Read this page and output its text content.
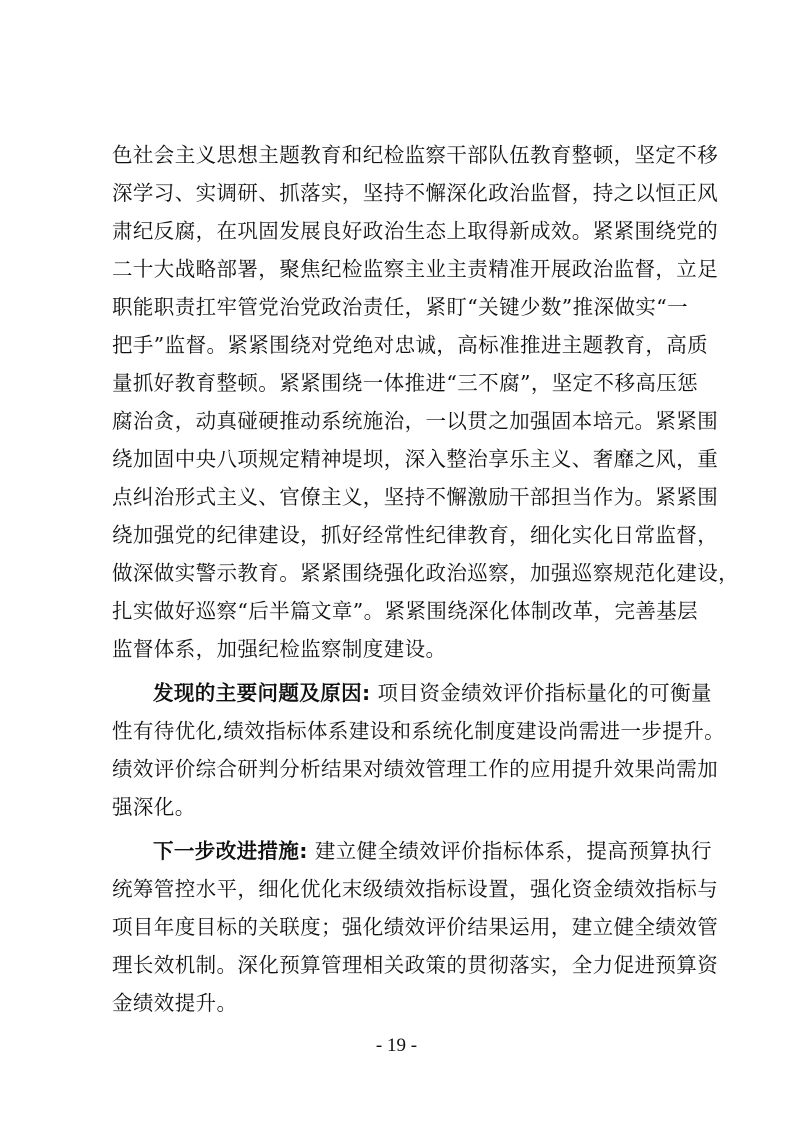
色社会主义思想主题教育和纪检监察干部队伍教育整顿，坚定不移
深学习、实调研、抓落实，坚持不懈深化政治监督，持之以恒正风
肃纪反腐，在巩固发展良好政治生态上取得新成效。紧紧围绕党的
二十大战略部署，聚焦纪检监察主业主责精准开展政治监督，立足
职能职责扛牢管党治党政治责任，紧盯“关键少数”推深做实“一
把手”监督。紧紧围绕对党绝对忠诚，高标准推进主题教育，高质
量抓好教育整顿。紧紧围绕一体推进“三不腐”，坚定不移高压惩
腐治贪，动真碰硬推动系统施治，一以贯之加强固本培元。紧紧围
绕加固中央八项规定精神堤坝，深入整治享乐主义、奢靡之风，重
点纠治形式主义、官僚主义，坚持不懈激励干部担当作为。紧紧围
绕加强党的纪律建设，抓好经常性纪律教育，细化实化日常监督，
做深做实警示教育。紧紧围绕强化政治巡察，加强巡察规范化建设，
扎实做好巡察“后半篇文章”。紧紧围绕深化体制改革，完善基层
监督体系，加强纪检监察制度建设。
发现的主要问题及原因: 项目资金绩效评价指标量化的可衡量
性有待优化,绩效指标体系建设和系统化制度建设尚需进一步提升。
绩效评价综合研判分析结果对绩效管理工作的应用提升效果尚需加
强深化。
下一步改进措施: 建立健全绩效评价指标体系，提高预算执行
统筹管控水平，细化优化末级绩效指标设置，强化资金绩效指标与
项目年度目标的关联度；强化绩效评价结果运用，建立健全绩效管
理长效机制。深化预算管理相关政策的贯彻落实，全力促进预算资
金绩效提升。
- 19 -
